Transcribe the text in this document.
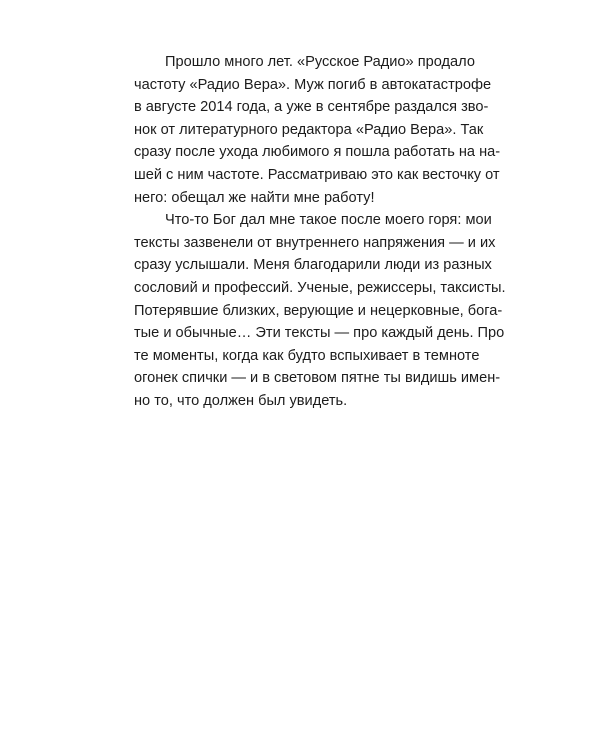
Прошло много лет. «Русское Радио» продало
частоту «Радио Вера». Муж погиб в автокатастрофе
в августе 2014 года, а уже в сентябре раздался зво-
нок от литературного редактора «Радио Вера». Так
сразу после ухода любимого я пошла работать на на-
шей с ним частоте. Рассматриваю это как весточку от
него: обещал же найти мне работу!
Что-то Бог дал мне такое после моего горя: мои
тексты зазвенели от внутреннего напряжения — и их
сразу услышали. Меня благодарили люди из разных
сословий и профессий. Ученые, режиссеры, таксисты.
Потерявшие близких, верующие и нецерковные, бога-
тые и обычные… Эти тексты — про каждый день. Про
те моменты, когда как будто вспыхивает в темноте
огонек спички — и в световом пятне ты видишь имен-
но то, что должен был увидеть.
